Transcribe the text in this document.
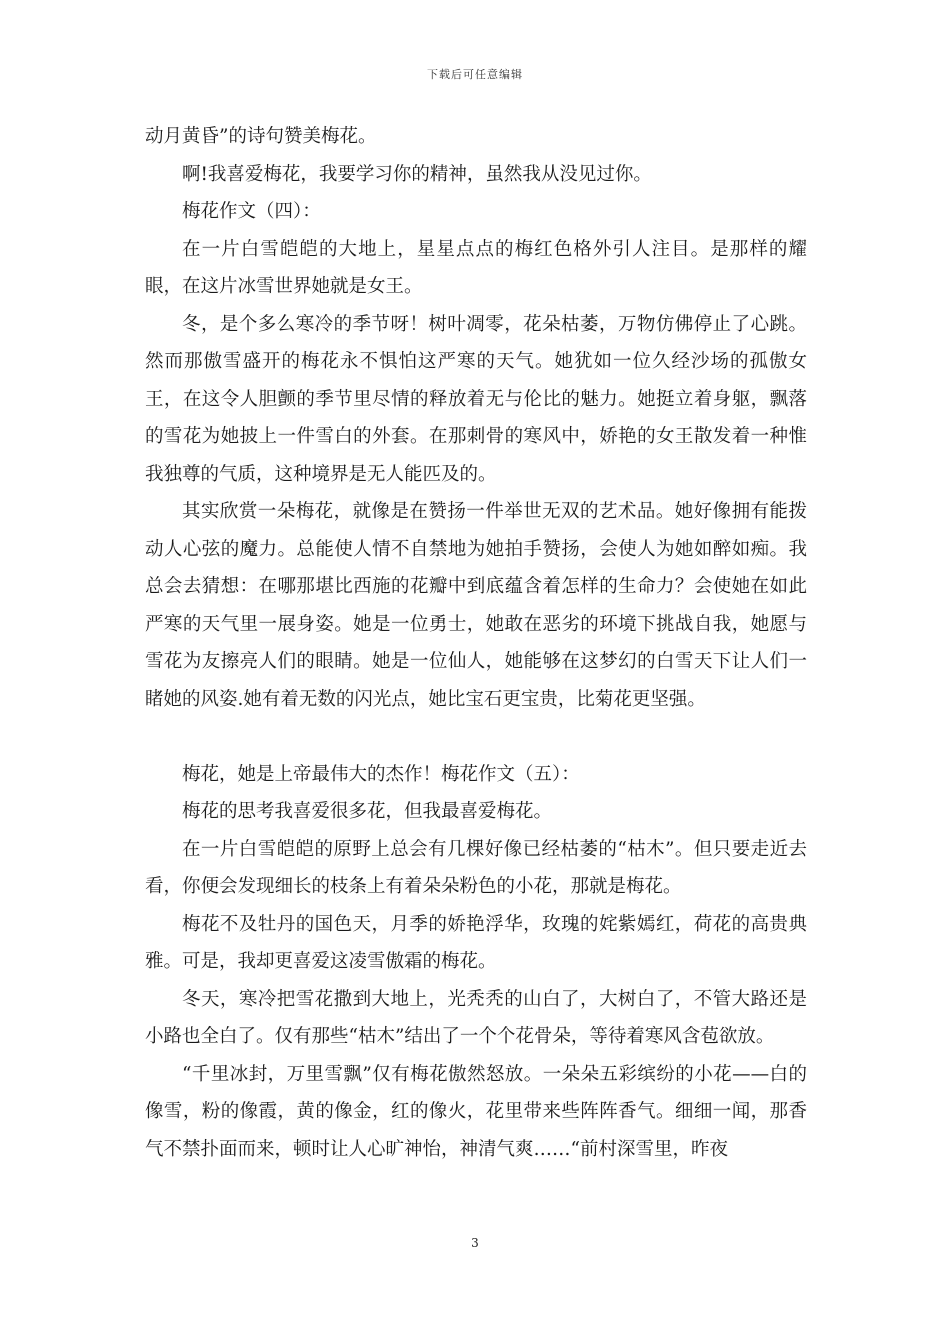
下载后可任意编辑

动月黄昏”的诗句赞美梅花。

啊!我喜爱梅花，我要学习你的精神，虽然我从没见过你。

梅花作文（四）：

在一片白雪皑皑的大地上，星星点点的梅红色格外引人注目。是那样的耀眼，在这片冰雪世界她就是女王。

冬，是个多么寒冷的季节呀！树叶凋零，花朵枯萎，万物仿佛停止了心跳。然而那傲雪盛开的梅花永不惧怕这严寒的天气。她犹如一位久经沙场的孤傲女王，在这令人胆颤的季节里尽情的释放着无与伦比的魅力。她挺立着身躯，飘落的雪花为她披上一件雪白的外套。在那刺骨的寒风中，娇艳的女王散发着一种惟我独尊的气质，这种境界是无人能匹及的。

其实欣赏一朵梅花，就像是在赞扬一件举世无双的艺术品。她好像拥有能拨动人心弦的魔力。总能使人情不自禁地为她拍手赞扬，会使人为她如醉如痴。我总会去猜想：在哪那堪比西施的花瓣中到底蕴含着怎样的生命力？会使她在如此严寒的天气里一展身姿。她是一位勇士，她敢在恶劣的环境下挑战自我，她愿与雪花为友擦亮人们的眼睛。她是一位仙人，她能够在这梦幻的白雪天下让人们一睹她的风姿.她有着无数的闪光点，她比宝石更宝贵，比菊花更坚强。

梅花，她是上帝最伟大的杰作！梅花作文（五）：

梅花的思考我喜爱很多花，但我最喜爱梅花。

在一片白雪皑皑的原野上总会有几棵好像已经枯萎的“枯木”。但只要走近去看，你便会发现细长的枝条上有着朵朵粉色的小花，那就是梅花。

梅花不及牡丹的国色天，月季的娇艳浮华，玫瑰的姹紫嫣红，荷花的高贵典雅。可是，我却更喜爱这凌雪傲霜的梅花。

冬天，寒冷把雪花撒到大地上，光秃秃的山白了，大树白了，不管大路还是小路也全白了。仅有那些“枯木”结出了一个个花骨朵，等待着寒风含苞欲放。

“千里冰封，万里雪飘”仅有梅花傲然怒放。一朵朵五彩缤纷的小花——白的像雪，粉的像霞，黄的像金，红的像火，花里带来些阵阵香气。细细一闻，那香气不禁扑面而来，顿时让人心旷神怡，神清气爽……“前村深雪里，昨夜

3
